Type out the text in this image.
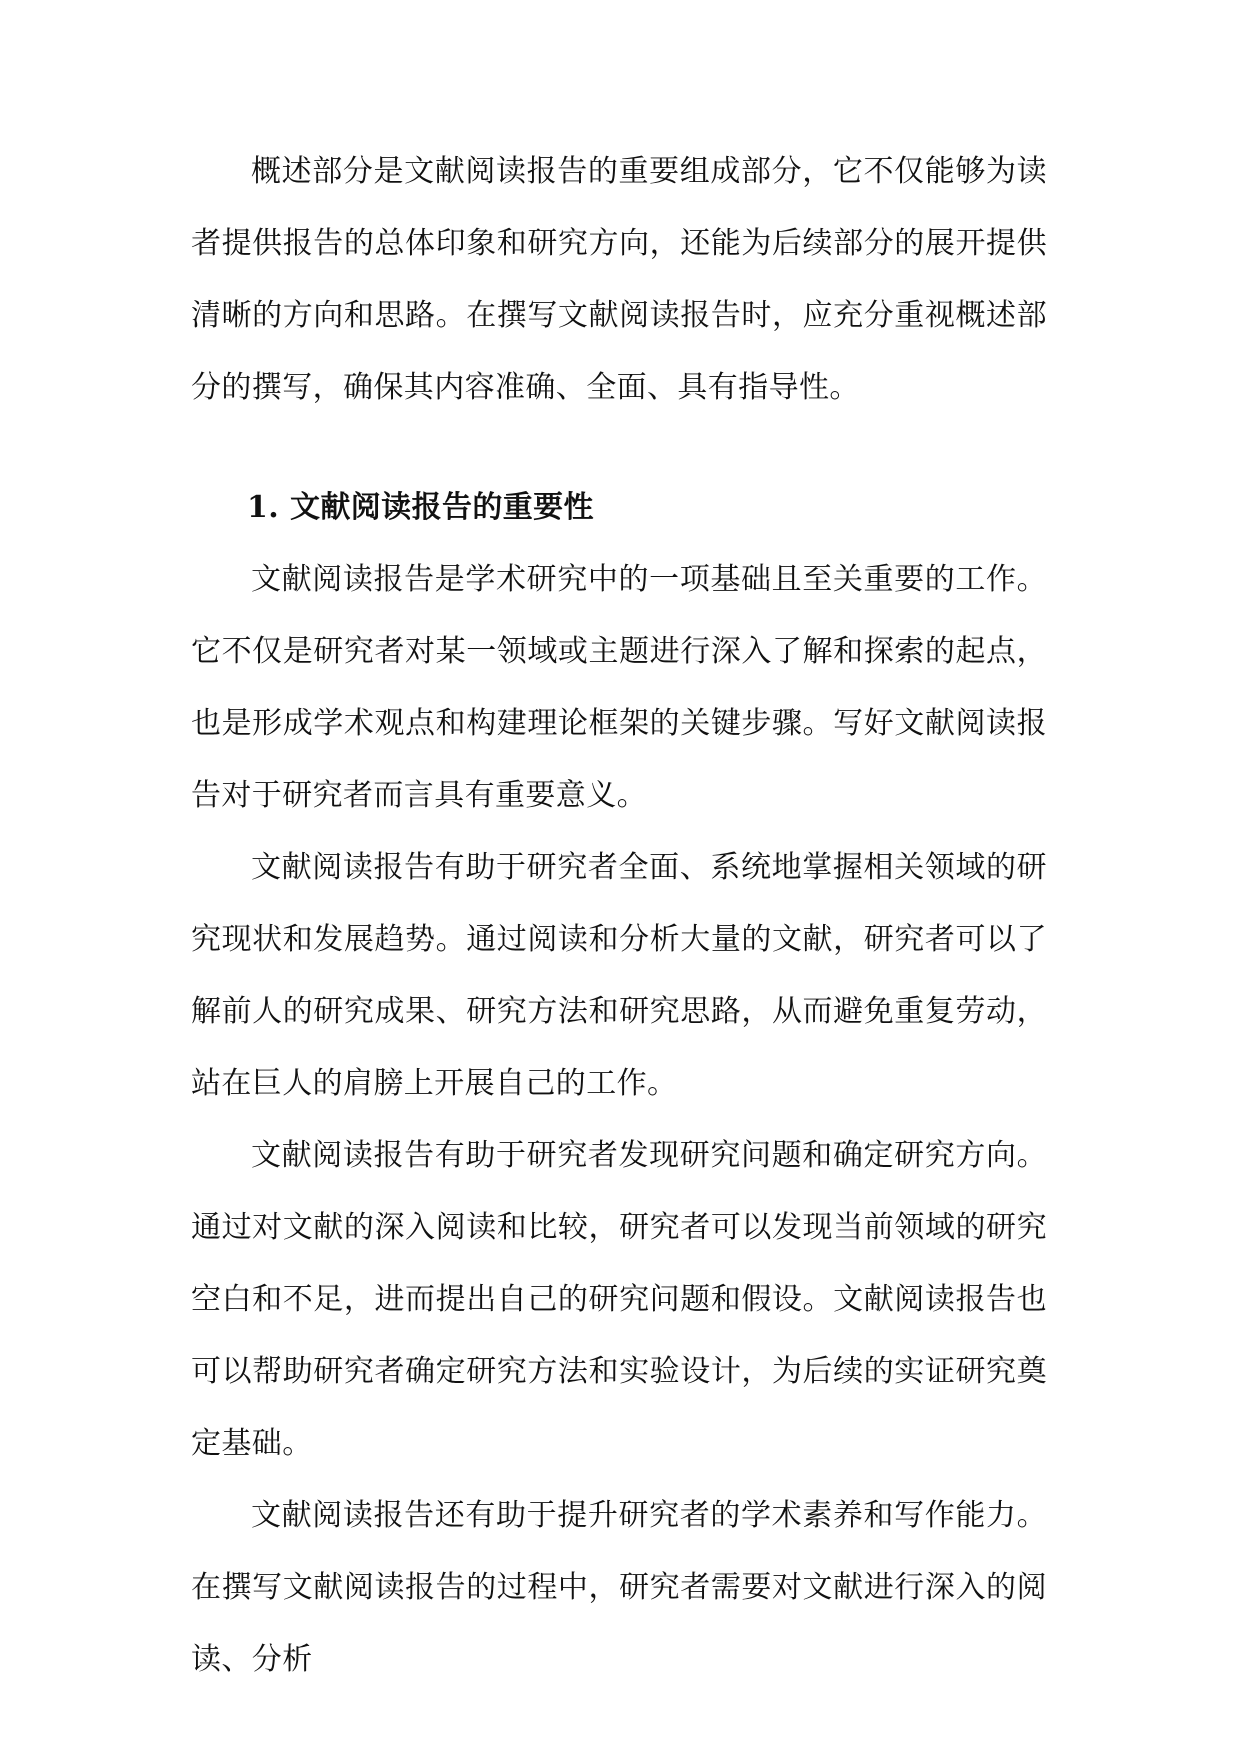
概述部分是文献阅读报告的重要组成部分，它不仅能够为读者提供报告的总体印象和研究方向，还能为后续部分的展开提供清晰的方向和思路。在撰写文献阅读报告时，应充分重视概述部分的撰写，确保其内容准确、全面、具有指导性。

1. 文献阅读报告的重要性

文献阅读报告是学术研究中的一项基础且至关重要的工作。它不仅是研究者对某一领域或主题进行深入了解和探索的起点，也是形成学术观点和构建理论框架的关键步骤。写好文献阅读报告对于研究者而言具有重要意义。

文献阅读报告有助于研究者全面、系统地掌握相关领域的研究现状和发展趋势。通过阅读和分析大量的文献，研究者可以了解前人的研究成果、研究方法和研究思路，从而避免重复劳动，站在巨人的肩膀上开展自己的工作。

文献阅读报告有助于研究者发现研究问题和确定研究方向。通过对文献的深入阅读和比较，研究者可以发现当前领域的研究空白和不足，进而提出自己的研究问题和假设。文献阅读报告也可以帮助研究者确定研究方法和实验设计，为后续的实证研究奠定基础。

文献阅读报告还有助于提升研究者的学术素养和写作能力。在撰写文献阅读报告的过程中，研究者需要对文献进行深入的阅读、分析
